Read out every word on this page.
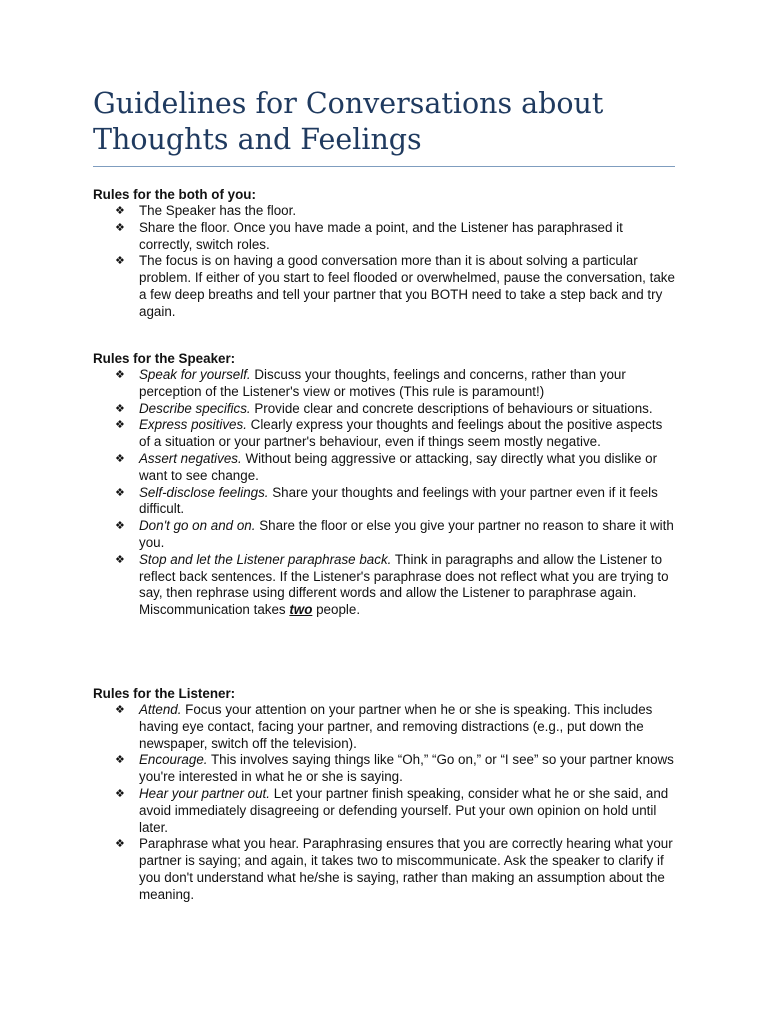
Guidelines for Conversations about Thoughts and Feelings
Rules for the both of you:
❖ The Speaker has the floor.
❖ Share the floor. Once you have made a point, and the Listener has paraphrased it correctly, switch roles.
❖ The focus is on having a good conversation more than it is about solving a particular problem. If either of you start to feel flooded or overwhelmed, pause the conversation, take a few deep breaths and tell your partner that you BOTH need to take a step back and try again.
Rules for the Speaker:
❖ Speak for yourself. Discuss your thoughts, feelings and concerns, rather than your perception of the Listener's view or motives (This rule is paramount!)
❖ Describe specifics. Provide clear and concrete descriptions of behaviours or situations.
❖ Express positives. Clearly express your thoughts and feelings about the positive aspects of a situation or your partner's behaviour, even if things seem mostly negative.
❖ Assert negatives. Without being aggressive or attacking, say directly what you dislike or want to see change.
❖ Self-disclose feelings. Share your thoughts and feelings with your partner even if it feels difficult.
❖ Don't go on and on. Share the floor or else you give your partner no reason to share it with you.
❖ Stop and let the Listener paraphrase back. Think in paragraphs and allow the Listener to reflect back sentences. If the Listener's paraphrase does not reflect what you are trying to say, then rephrase using different words and allow the Listener to paraphrase again. Miscommunication takes two people.
Rules for the Listener:
❖ Attend. Focus your attention on your partner when he or she is speaking. This includes having eye contact, facing your partner, and removing distractions (e.g., put down the newspaper, switch off the television).
❖ Encourage. This involves saying things like “Oh,” “Go on,” or “I see” so your partner knows you're interested in what he or she is saying.
❖ Hear your partner out. Let your partner finish speaking, consider what he or she said, and avoid immediately disagreeing or defending yourself. Put your own opinion on hold until later.
❖ Paraphrase what you hear. Paraphrasing ensures that you are correctly hearing what your partner is saying; and again, it takes two to miscommunicate. Ask the speaker to clarify if you don't understand what he/she is saying, rather than making an assumption about the meaning.
